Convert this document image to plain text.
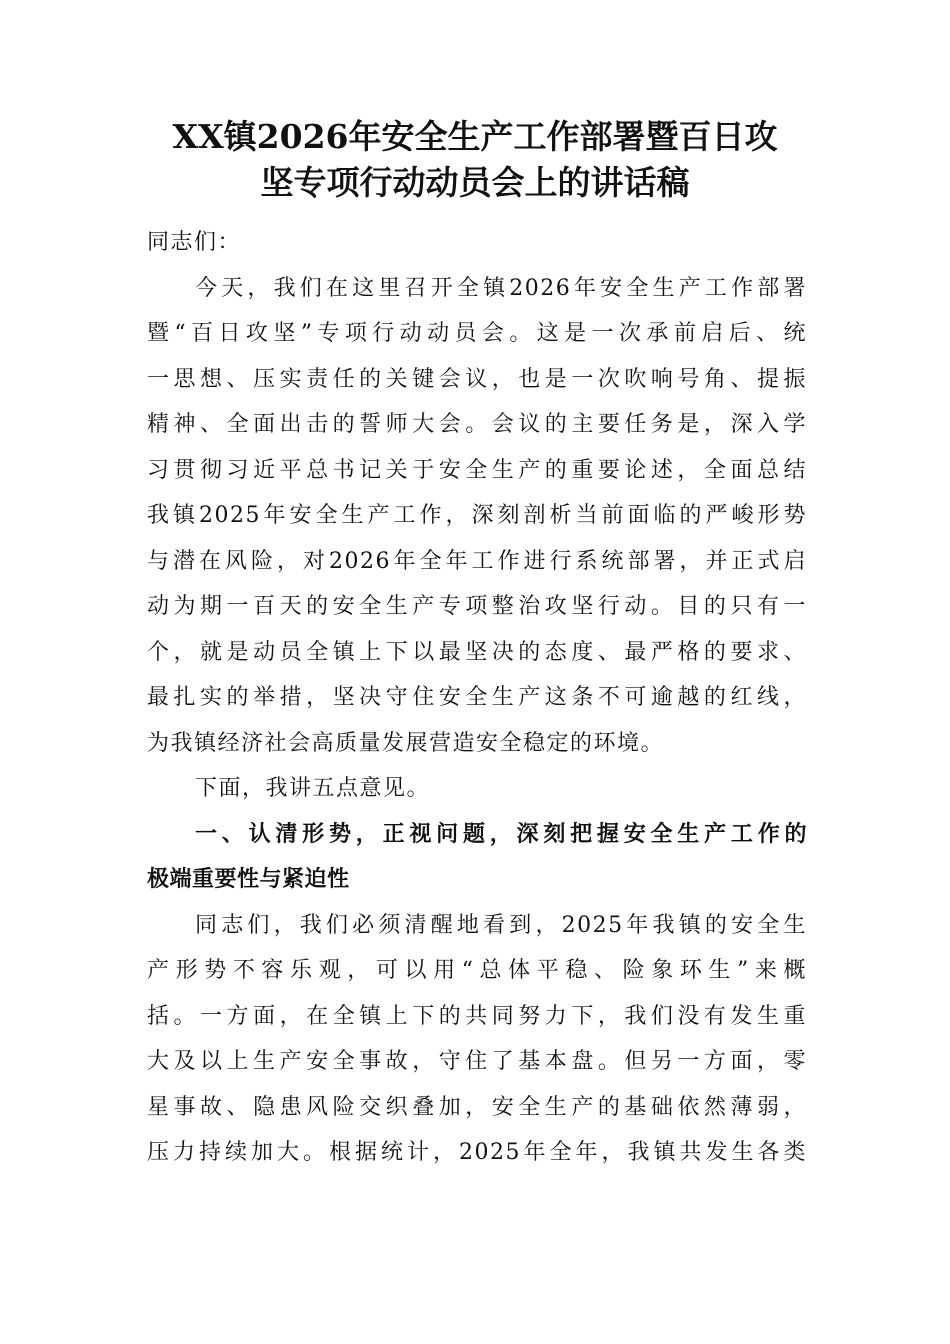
XX镇2026年安全生产工作部署暨百日攻
坚专项行动动员会上的讲话稿
同志们：
今天，我们在这里召开全镇2026年安全生产工作部署
暨“百日攻坚”专项行动动员会。这是一次承前启后、统
一思想、压实责任的关键会议，也是一次吹响号角、提振
精神、全面出击的誓师大会。会议的主要任务是，深入学
习贯彻习近平总书记关于安全生产的重要论述，全面总结
我镇2025年安全生产工作，深刻剖析当前面临的严峻形势
与潜在风险，对2026年全年工作进行系统部署，并正式启
动为期一百天的安全生产专项整治攻坚行动。目的只有一
个，就是动员全镇上下以最坚决的态度、最严格的要求、
最扎实的举措，坚决守住安全生产这条不可逾越的红线，
为我镇经济社会高质量发展营造安全稳定的环境。
下面，我讲五点意见。
一、认清形势，正视问题，深刻把握安全生产工作的
极端重要性与紧迫性
同志们，我们必须清醒地看到，2025年我镇的安全生
产形势不容乐观，可以用“总体平稳、险象环生”来概
括。一方面，在全镇上下的共同努力下，我们没有发生重
大及以上生产安全事故，守住了基本盘。但另一方面，零
星事故、隐患风险交织叠加，安全生产的基础依然薄弱，
压力持续加大。根据统计，2025年全年，我镇共发生各类
